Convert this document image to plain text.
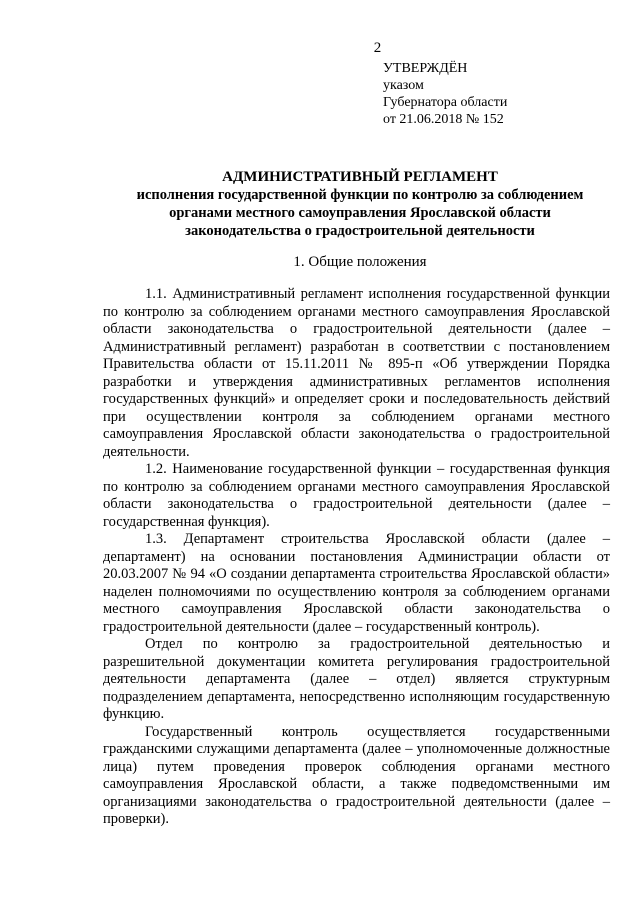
2
УТВЕРЖДЁН
указом
Губернатора области
от 21.06.2018 № 152
АДМИНИСТРАТИВНЫЙ РЕГЛАМЕНТ
исполнения государственной функции по контролю за соблюдением
органами местного самоуправления Ярославской области
законодательства о градостроительной деятельности
1. Общие положения

1.1. Административный регламент исполнения государственной функции по контролю за соблюдением органами местного самоуправления Ярославской области законодательства о градостроительной деятельности (далее – Административный регламент) разработан в соответствии с постановлением Правительства области от 15.11.2011 № 895-п «Об утверждении Порядка разработки и утверждения административных регламентов исполнения государственных функций» и определяет сроки и последовательность действий при осуществлении контроля за соблюдением органами местного самоуправления Ярославской области законодательства о градостроительной деятельности.

1.2. Наименование государственной функции – государственная функция по контролю за соблюдением органами местного самоуправления Ярославской области законодательства о градостроительной деятельности (далее – государственная функция).

1.3. Департамент строительства Ярославской области (далее – департамент) на основании постановления Администрации области от 20.03.2007 № 94 «О создании департамента строительства Ярославской области» наделен полномочиями по осуществлению контроля за соблюдением органами местного самоуправления Ярославской области законодательства о градостроительной деятельности (далее – государственный контроль).

Отдел по контролю за градостроительной деятельностью и разрешительной документации комитета регулирования градостроительной деятельности департамента (далее – отдел) является структурным подразделением департамента, непосредственно исполняющим государственную функцию.

Государственный контроль осуществляется государственными гражданскими служащими департамента (далее – уполномоченные должностные лица) путем проведения проверок соблюдения органами местного самоуправления Ярославской области, а также подведомственными им организациями законодательства о градостроительной деятельности (далее – проверки).
